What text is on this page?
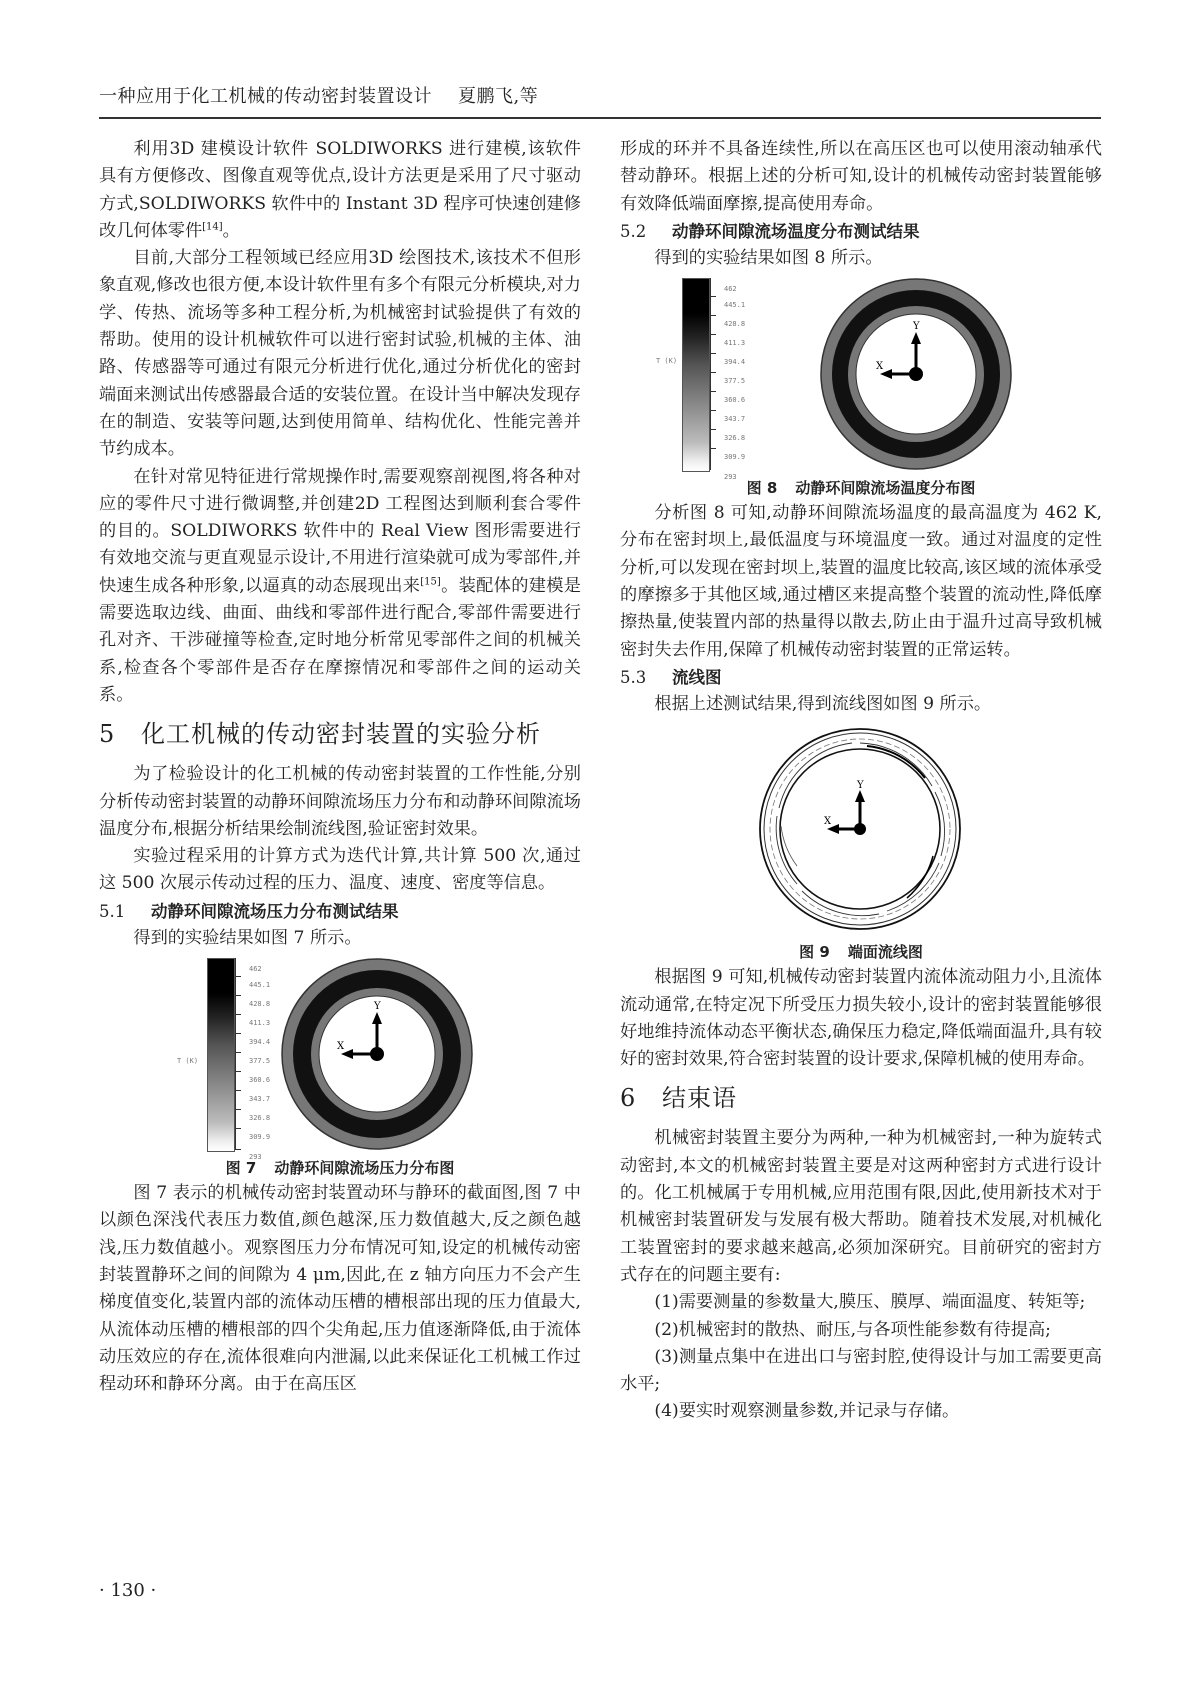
一种应用于化工机械的传动密封装置设计 夏鹏飞,等

利用3D 建模设计软件 SOLDIWORKS 进行建模,该软件具有方便修改、图像直观等优点,设计方法更是采用了尺寸驱动方式,SOLDIWORKS 软件中的 Instant 3D 程序可快速创建修改几何体零件[14]。

目前,大部分工程领域已经应用3D 绘图技术,该技术不但形象直观,修改也很方便,本设计软件里有多个有限元分析模块,对力学、传热、流场等多种工程分析,为机械密封试验提供了有效的帮助。使用的设计机械软件可以进行密封试验,机械的主体、油路、传感器等可通过有限元分析进行优化,通过分析优化的密封端面来测试出传感器最合适的安装位置。在设计当中解决发现存在的制造、安装等问题,达到使用简单、结构优化、性能完善并节约成本。

在针对常见特征进行常规操作时,需要观察剖视图,将各种对应的零件尺寸进行微调整,并创建2D 工程图达到顺利套合零件的目的。SOLDIWORKS 软件中的 Real View 图形需要进行有效地交流与更直观显示设计,不用进行渲染就可成为零部件,并快速生成各种形象,以逼真的动态展现出来[15]。装配体的建模是需要选取边线、曲面、曲线和零部件进行配合,零部件需要进行孔对齐、干涉碰撞等检查,定时地分析常见零部件之间的机械关系,检查各个零部件是否存在摩擦情况和零部件之间的运动关系。

5 化工机械的传动密封装置的实验分析

为了检验设计的化工机械的传动密封装置的工作性能,分别分析传动密封装置的动静环间隙流场压力分布和动静环间隙流场温度分布,根据分析结果绘制流线图,验证密封效果。

实验过程采用的计算方式为迭代计算,共计算 500 次,通过这 500 次展示传动过程的压力、温度、速度、密度等信息。

5.1 动静环间隙流场压力分布测试结果

得到的实验结果如图 7 所示。

T (K)
462
445.1
428.8
411.3
394.4
377.5
360.6
343.7
326.8
309.9
293
Y
X
图 7 动静环间隙流场压力分布图

图 7 表示的机械传动密封装置动环与静环的截面图,图 7 中以颜色深浅代表压力数值,颜色越深,压力数值越大,反之颜色越浅,压力数值越小。观察图压力分布情况可知,设定的机械传动密封装置静环之间的间隙为 4 μm,因此,在 z 轴方向压力不会产生梯度值变化,装置内部的流体动压槽的槽根部出现的压力值最大,从流体动压槽的槽根部的四个尖角起,压力值逐渐降低,由于流体动压效应的存在,流体很难向内泄漏,以此来保证化工机械工作过程动环和静环分离。由于在高压区

形成的环并不具备连续性,所以在高压区也可以使用滚动轴承代替动静环。根据上述的分析可知,设计的机械传动密封装置能够有效降低端面摩擦,提高使用寿命。

5.2 动静环间隙流场温度分布测试结果

得到的实验结果如图 8 所示。

T (K)
462
445.1
428.8
411.3
394.4
377.5
360.6
343.7
326.8
309.9
293
Y
X
图 8 动静环间隙流场温度分布图

分析图 8 可知,动静环间隙流场温度的最高温度为 462 K,分布在密封坝上,最低温度与环境温度一致。通过对温度的定性分析,可以发现在密封坝上,装置的温度比较高,该区域的流体承受的摩擦多于其他区域,通过槽区来提高整个装置的流动性,降低摩擦热量,使装置内部的热量得以散去,防止由于温升过高导致机械密封失去作用,保障了机械传动密封装置的正常运转。

5.3 流线图

根据上述测试结果,得到流线图如图 9 所示。

Y
X
图 9 端面流线图

根据图 9 可知,机械传动密封装置内流体流动阻力小,且流体流动通常,在特定况下所受压力损失较小,设计的密封装置能够很好地维持流体动态平衡状态,确保压力稳定,降低端面温升,具有较好的密封效果,符合密封装置的设计要求,保障机械的使用寿命。

6 结束语

机械密封装置主要分为两种,一种为机械密封,一种为旋转式动密封,本文的机械密封装置主要是对这两种密封方式进行设计的。化工机械属于专用机械,应用范围有限,因此,使用新技术对于机械密封装置研发与发展有极大帮助。随着技术发展,对机械化工装置密封的要求越来越高,必须加深研究。目前研究的密封方式存在的问题主要有:

(1)需要测量的参数量大,膜压、膜厚、端面温度、转矩等;

(2)机械密封的散热、耐压,与各项性能参数有待提高;

(3)测量点集中在进出口与密封腔,使得设计与加工需要更高水平;

(4)要实时观察测量参数,并记录与存储。

· 130 ·
